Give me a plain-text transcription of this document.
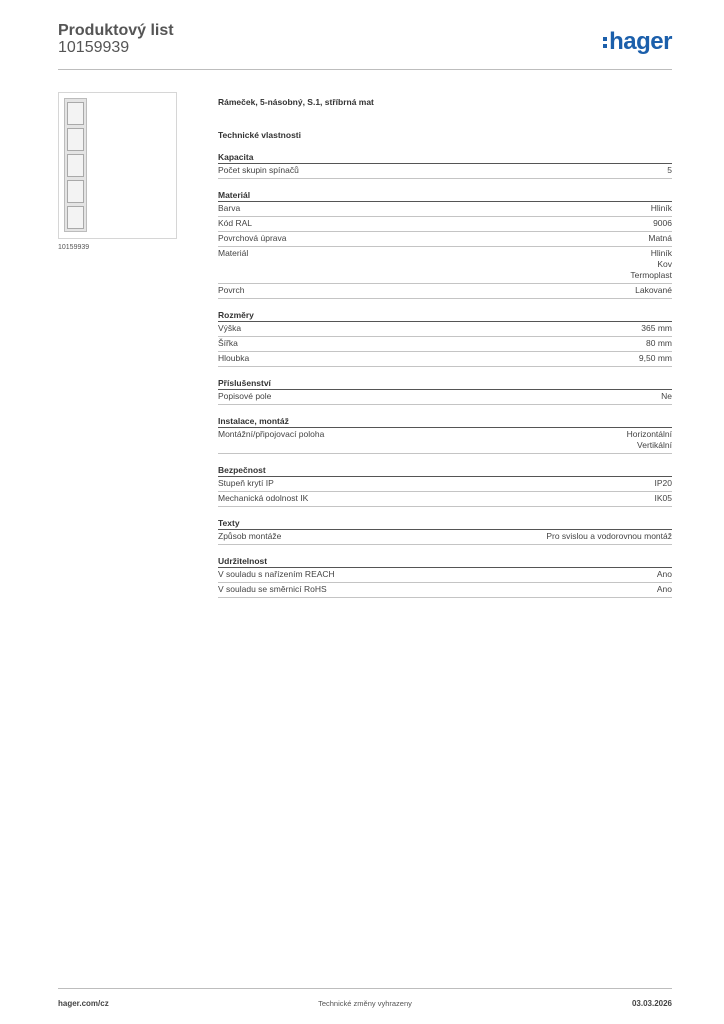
Produktový list
10159939	hager
10159939
Rámeček, 5-násobný, S.1, stříbrná mat
Technické vlastnosti
Kapacita
Počet skupin spínačů	5
Materiál
Barva	Hliník
Kód RAL	9006
Povrchová úprava	Matná
Materiál	Hliník
Kov
Termoplast
Povrch	Lakované
Rozměry
Výška	365 mm
Šířka	80 mm
Hloubka	9,50 mm
Příslušenství
Popisové pole	Ne
Instalace, montáž
Montážní/připojovací poloha	Horizontální
Vertikální
Bezpečnost
Stupeň krytí IP	IP20
Mechanická odolnost IK	IK05
Texty
Způsob montáže	Pro svislou a vodorovnou montáž
Udržitelnost
V souladu s nařízením REACH	Ano
V souladu se směrnicí RoHS	Ano
hager.com/cz	Technické změny vyhrazeny	03.03.2026
